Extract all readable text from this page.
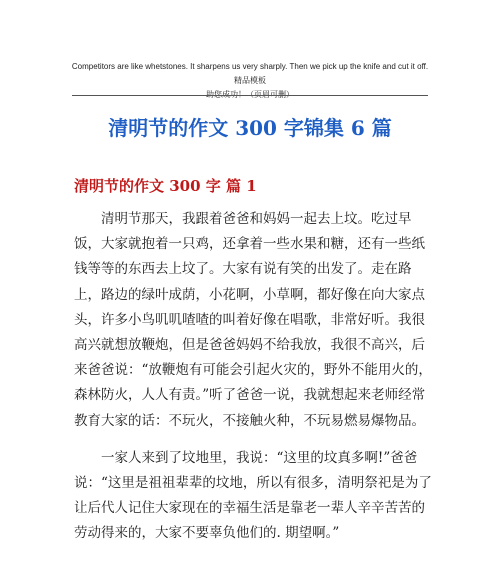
Competitors are like whetstones. It sharpens us very sharply. Then we pick up the knife and cut it off.精品模板
助您成功！（页眉可删）
清明节的作文 300 字锦集 6 篇
清明节的作文 300 字 篇 1

清明节那天，我跟着爸爸和妈妈一起去上坟。吃过早饭，大家就抱着一只鸡，还拿着一些水果和糖，还有一些纸钱等等的东西去上坟了。大家有说有笑的出发了。走在路上，路边的绿叶成荫，小花啊，小草啊，都好像在向大家点头，许多小鸟叽叽喳喳的叫着好像在唱歌，非常好听。我很高兴就想放鞭炮，但是爸爸妈妈不给我放，我很不高兴，后来爸爸说：“放鞭炮有可能会引起火灾的，野外不能用火的，森林防火，人人有责。”听了爸爸一说，我就想起来老师经常教育大家的话：不玩火，不接触火种，不玩易燃易爆物品。

一家人来到了坟地里，我说：“这里的坟真多啊!”爸爸说：“这里是祖祖辈辈的坟地，所以有很多，清明祭祀是为了让后代人记住大家现在的幸福生活是靠老一辈人辛辛苦苦的劳动得来的，大家不要辜负他们的. 期望啊。”
